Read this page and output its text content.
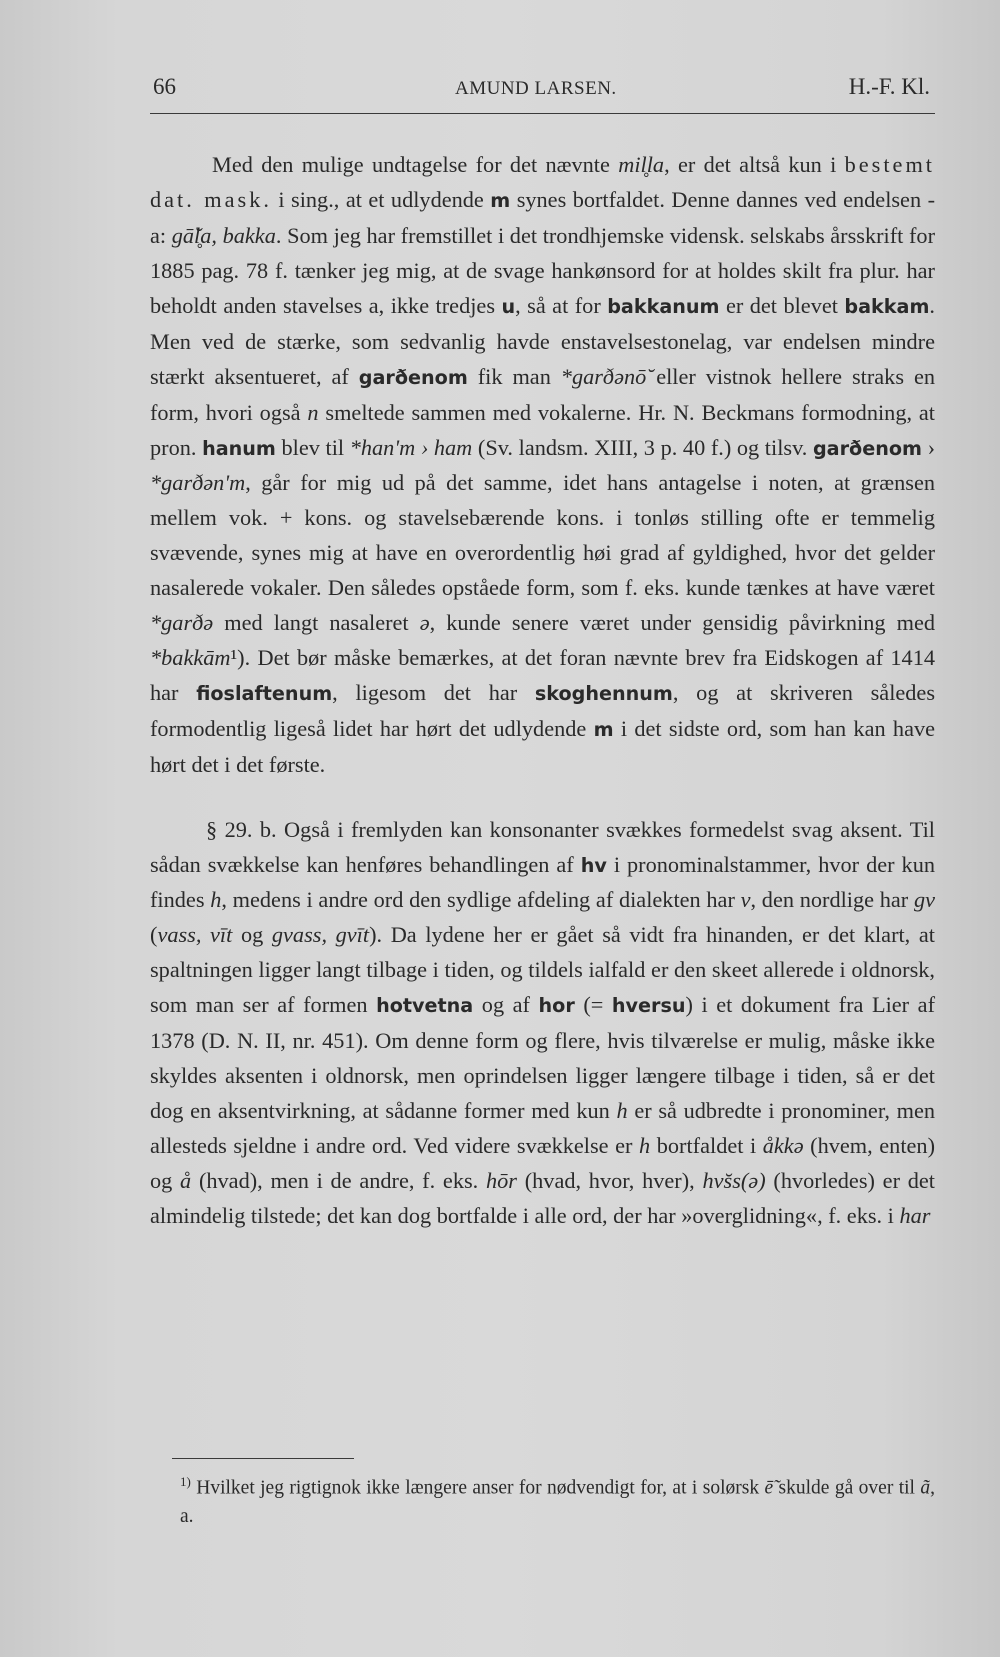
66	AMUND LARSEN.	H.-F. Kl.

Med den mulige undtagelse for det nævnte mil̥la, er det altså kun i bestemt dat. mask. i sing., at et udlydende m synes bortfaldet. Denne dannes ved endelsen -a: gā̆l̥a, bakka. Som jeg har fremstillet i det trondhjemske vidensk. selskabs årsskrift for 1885 pag. 78 f. tænker jeg mig, at de svage hankønsord for at holdes skilt fra plur. har beholdt anden stavelses a, ikke tredjes u, så at for bakkanum er det blevet bakkam. Men ved de stærke, som sedvanlig havde enstavelsestonelag, var endelsen mindre stærkt aksentueret, af garðenom fik man *garðənō̆ eller vistnok hellere straks en form, hvori også n smeltede sammen med vokalerne. Hr. N. Beckmans formodning, at pron. hanum blev til *han'm › ham (Sv. landsm. XIII, 3 p. 40 f.) og tilsv. garðenom › *garðən'm, går for mig ud på det samme, idet hans antagelse i noten, at grænsen mellem vok. + kons. og stavelsebærende kons. i tonløs stilling ofte er temmelig svævende, synes mig at have en overordentlig høi grad af gyldighed, hvor det gelder nasalerede vokaler. Den således opståede form, som f. eks. kunde tænkes at have været *garðə med langt nasaleret ə, kunde senere været under gensidig påvirkning med *bakkām¹). Det bør måske bemærkes, at det foran nævnte brev fra Eidskogen af 1414 har fioslaftenum, ligesom det har skoghennum, og at skriveren således formodentlig ligeså lidet har hørt det udlydende m i det sidste ord, som han kan have hørt det i det første.

§ 29. b. Også i fremlyden kan konsonanter svækkes formedelst svag aksent. Til sådan svækkelse kan henføres behandlingen af hv i pronominalstammer, hvor der kun findes h, medens i andre ord den sydlige afdeling af dialekten har v, den nordlige har gv (vass, vīt og gvass, gvīt). Da lydene her er gået så vidt fra hinanden, er det klart, at spaltningen ligger langt tilbage i tiden, og tildels ialfald er den skeet allerede i oldnorsk, som man ser af formen hotvetna og af hor (= hversu) i et dokument fra Lier af 1378 (D. N. II, nr. 451). Om denne form og flere, hvis tilværelse er mulig, måske ikke skyldes aksenten i oldnorsk, men oprindelsen ligger længere tilbage i tiden, så er det dog en aksentvirkning, at sådanne former med kun h er så udbredte i pronominer, men allesteds sjeldne i andre ord. Ved videre svækkelse er h bortfaldet i åkkə (hvem, enten) og å (hvad), men i de andre, f. eks. hōr (hvad, hvor, hver), hvs̆s(ə) (hvorledes) er det almindelig tilstede; det kan dog bortfalde i alle ord, der har »overglidning«, f. eks. i har

$^{1)}$ Hvilket jeg rigtignok ikke længere anser for nødvendigt for, at i solørsk ē̃ skulde gå over til ã, a.
